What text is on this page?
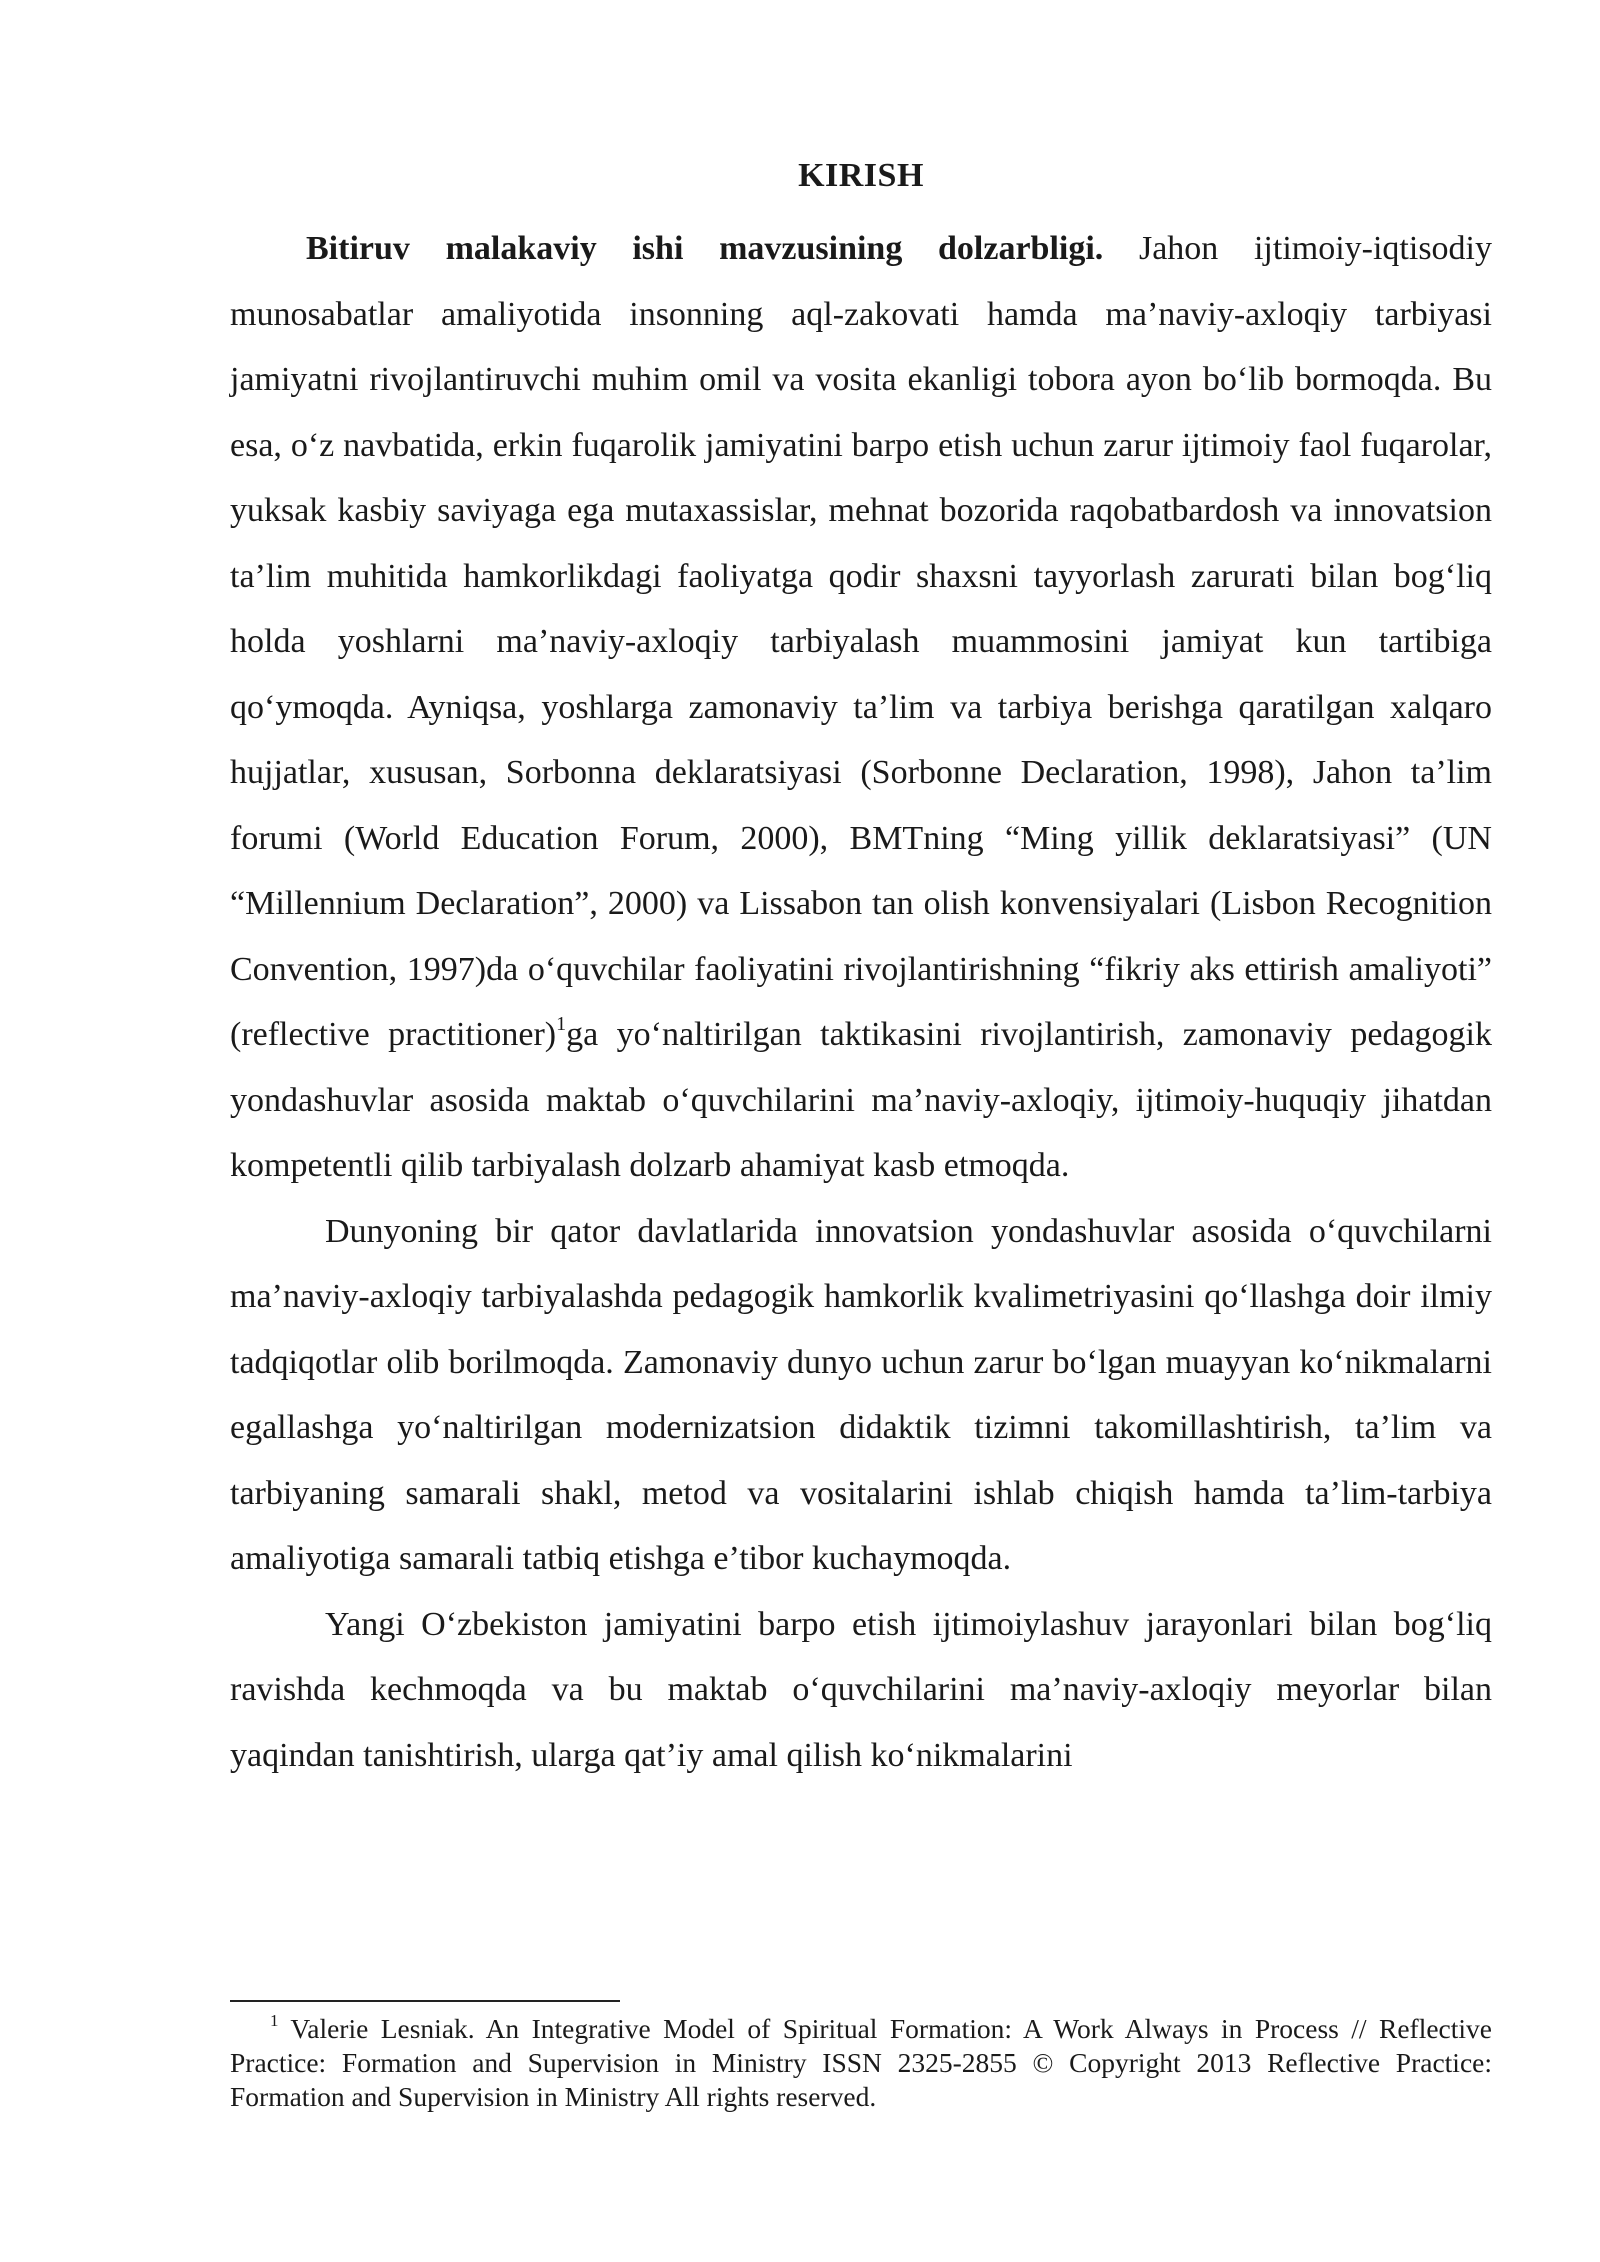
KIRISH

Bitiruv malakaviy ishi mavzusining dolzarbligi. Jahon ijtimoiy-iqtisodiy munosabatlar amaliyotida insonning aql-zakovati hamda ma’naviy-axloqiy tarbiyasi jamiyatni rivojlantiruvchi muhim omil va vosita ekanligi tobora ayon bo‘lib bormoqda. Bu esa, o‘z navbatida, erkin fuqarolik jamiyatini barpo etish uchun zarur ijtimoiy faol fuqarolar, yuksak kasbiy saviyaga ega mutaxassislar, mehnat bozorida raqobatbardosh va innovatsion ta’lim muhitida hamkorlikdagi faoliyatga qodir shaxsni tayyorlash zarurati bilan bog‘liq holda yoshlarni ma’naviy-axloqiy tarbiyalash muammosini jamiyat kun tartibiga qo‘ymoqda. Ayniqsa, yoshlarga zamonaviy ta’lim va tarbiya berishga qaratilgan xalqaro hujjatlar, xususan, Sorbonna deklaratsiyasi (Sorbonne Declaration, 1998), Jahon ta’lim forumi (World Education Forum, 2000), BMTning “Ming yillik deklaratsiyasi” (UN “Millennium Declaration”, 2000) va Lissabon tan olish konvensiyalari (Lisbon Recognition Convention, 1997)da o‘quvchilar faoliyatini rivojlantirishning “fikriy aks ettirish amaliyoti” (reflective practitioner)$^1$ga yo‘naltirilgan taktikasini rivojlantirish, zamonaviy pedagogik yondashuvlar asosida maktab o‘quvchilarini ma’naviy-axloqiy, ijtimoiy-huquqiy jihatdan kompetentli qilib tarbiyalash dolzarb ahamiyat kasb etmoqda.

Dunyoning bir qator davlatlarida innovatsion yondashuvlar asosida o‘quvchilarni ma’naviy-axloqiy tarbiyalashda pedagogik hamkorlik kvalimetriyasini qo‘llashga doir ilmiy tadqiqotlar olib borilmoqda. Zamonaviy dunyo uchun zarur bo‘lgan muayyan ko‘nikmalarni egallashga yo‘naltirilgan modernizatsion didaktik tizimni takomillashtirish, ta’lim va tarbiyaning samarali shakl, metod va vositalarini ishlab chiqish hamda ta’lim-tarbiya amaliyotiga samarali tatbiq etishga e’tibor kuchaymoqda.

Yangi O‘zbekiston jamiyatini barpo etish ijtimoiylashuv jarayonlari bilan bog‘liq ravishda kechmoqda va bu maktab o‘quvchilarini ma’naviy-axloqiy meyorlar bilan yaqindan tanishtirish, ularga qat’iy amal qilish ko‘nikmalarini

$^1$ Valerie Lesniak. An Integrative Model of Spiritual Formation: A Work Always in Process // Reflective Practice: Formation and Supervision in Ministry ISSN 2325-2855 © Copyright 2013 Reflective Practice: Formation and Supervision in Ministry All rights reserved.
